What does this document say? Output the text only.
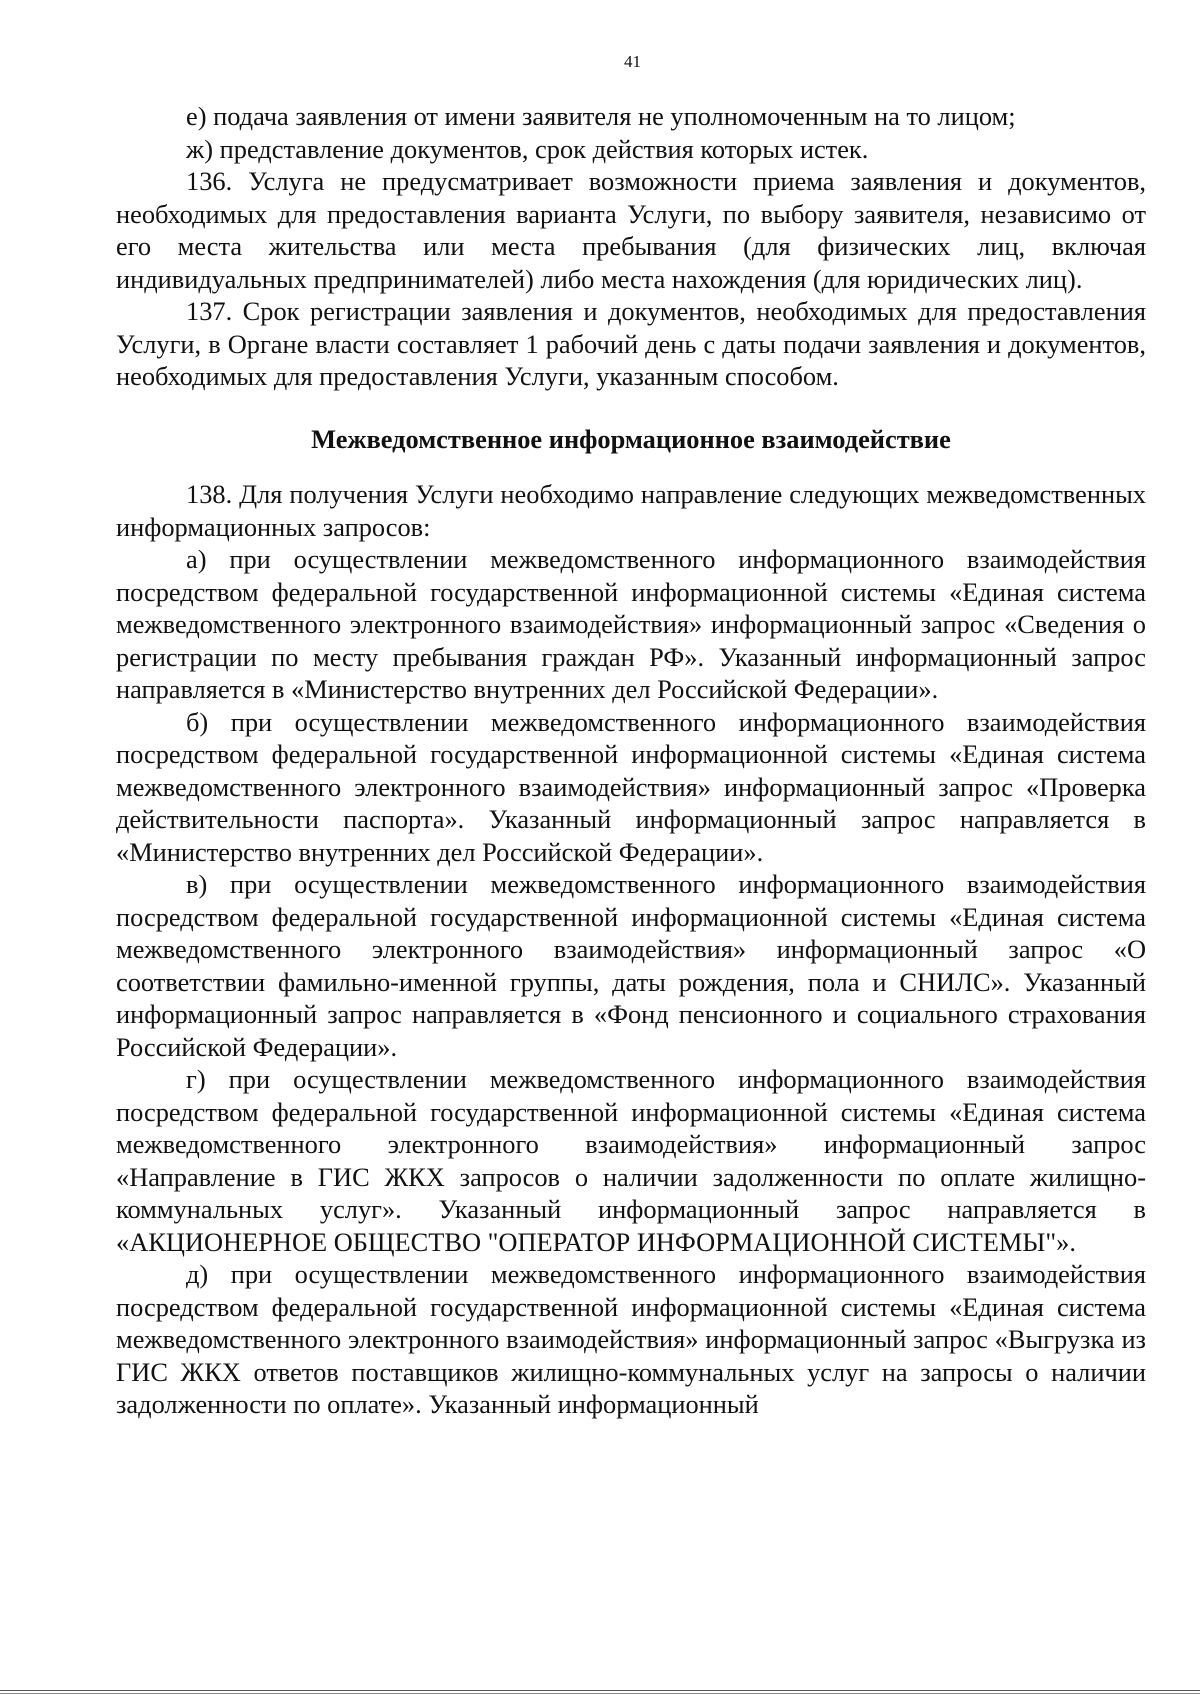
41

е) подача заявления от имени заявителя не уполномоченным на то лицом;

ж) представление документов, срок действия которых истек.

136. Услуга не предусматривает возможности приема заявления и документов, необходимых для предоставления варианта Услуги, по выбору заявителя, независимо от его места жительства или места пребывания (для физических лиц, включая индивидуальных предпринимателей) либо места нахождения (для юридических лиц).

137. Срок регистрации заявления и документов, необходимых для предоставления Услуги, в Органе власти составляет 1 рабочий день с даты подачи заявления и документов, необходимых для предоставления Услуги, указанным способом.

Межведомственное информационное взаимодействие

138. Для получения Услуги необходимо направление следующих межведомственных информационных запросов:

а) при осуществлении межведомственного информационного взаимодействия посредством федеральной государственной информационной системы «Единая система межведомственного электронного взаимодействия» информационный запрос «Сведения о регистрации по месту пребывания граждан РФ». Указанный информационный запрос направляется в «Министерство внутренних дел Российской Федерации».

б) при осуществлении межведомственного информационного взаимодействия посредством федеральной государственной информационной системы «Единая система межведомственного электронного взаимодействия» информационный запрос «Проверка действительности паспорта». Указанный информационный запрос направляется в «Министерство внутренних дел Российской Федерации».

в) при осуществлении межведомственного информационного взаимодействия посредством федеральной государственной информационной системы «Единая система межведомственного электронного взаимодействия» информационный запрос «О соответствии фамильно-именной группы, даты рождения, пола и СНИЛС». Указанный информационный запрос направляется в «Фонд пенсионного и социального страхования Российской Федерации».

г) при осуществлении межведомственного информационного взаимодействия посредством федеральной государственной информационной системы «Единая система межведомственного электронного взаимодействия» информационный запрос «Направление в ГИС ЖКХ запросов о наличии задолженности по оплате жилищно-коммунальных услуг». Указанный информационный запрос направляется в «АКЦИОНЕРНОЕ ОБЩЕСТВО "ОПЕРАТОР ИНФОРМАЦИОННОЙ СИСТЕМЫ"».

д) при осуществлении межведомственного информационного взаимодействия посредством федеральной государственной информационной системы «Единая система межведомственного электронного взаимодействия» информационный запрос «Выгрузка из ГИС ЖКХ ответов поставщиков жилищно-коммунальных услуг на запросы о наличии задолженности по оплате». Указанный информационный
